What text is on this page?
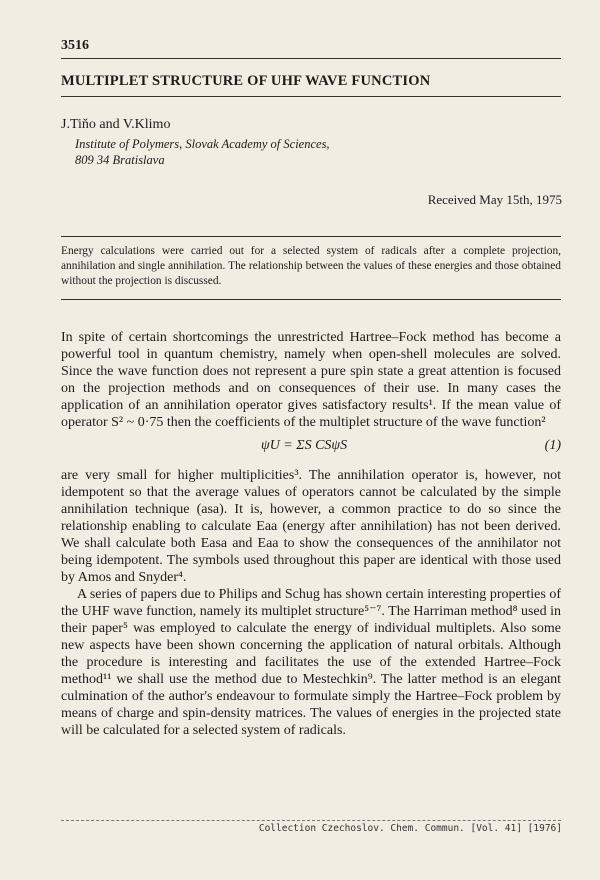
3516
MULTIPLET STRUCTURE OF UHF WAVE FUNCTION
J.Tiňo and V.Klimo
Institute of Polymers, Slovak Academy of Sciences,
809 34 Bratislava
Received May 15th, 1975

Energy calculations were carried out for a selected system of radicals after a complete projection, annihilation and single annihilation. The relationship between the values of these energies and those obtained without the projection is discussed.

In spite of certain shortcomings the unrestricted Hartree–Fock method has become a powerful tool in quantum chemistry, namely when open-shell molecules are solved. Since the wave function does not represent a pure spin state a great attention is focused on the projection methods and on consequences of their use. In many cases the application of an annihilation operator gives satisfactory results¹. If the mean value of operator S² ~ 0·75 then the coefficients of the multiplet structure of the wave function²

ψU = ΣS CSψS	(1)

are very small for higher multiplicities³. The annihilation operator is, however, not idempotent so that the average values of operators cannot be calculated by the simple annihilation technique (asa). It is, however, a common practice to do so since the relationship enabling to calculate Eaa (energy after annihilation) has not been derived. We shall calculate both Easa and Eaa to show the consequences of the annihilator not being idempotent. The symbols used throughout this paper are identical with those used by Amos and Snyder⁴.

A series of papers due to Philips and Schug has shown certain interesting properties of the UHF wave function, namely its multiplet structure⁵⁻⁷. The Harriman method⁸ used in their paper⁵ was employed to calculate the energy of individual multiplets. Also some new aspects have been shown concerning the application of natural orbitals. Although the procedure is interesting and facilitates the use of the extended Hartree–Fock method¹¹ we shall use the method due to Mestechkin⁹. The latter method is an elegant culmination of the author's endeavour to formulate simply the Hartree–Fock problem by means of charge and spin-density matrices. The values of energies in the projected state will be calculated for a selected system of radicals.

Collection Czechoslov. Chem. Commun. [Vol. 41] [1976]
